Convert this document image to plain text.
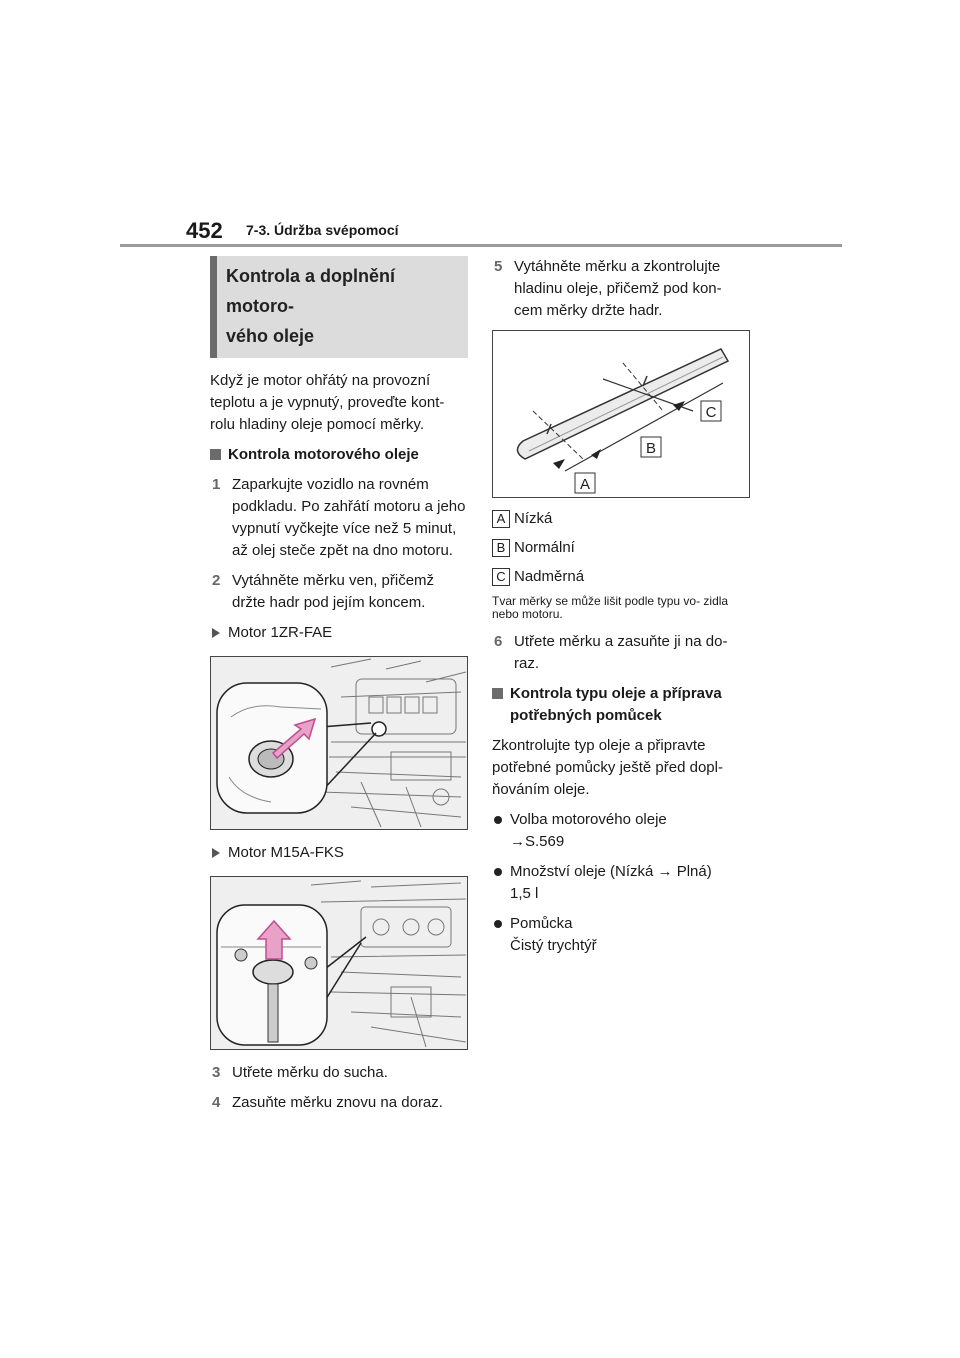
452 7-3. Údržba svépomocí
Kontrola a doplnění motoro-
vého oleje

Když je motor ohřátý na provozní teplotu a je vypnutý, proveďte kont- rolu hladiny oleje pomocí měrky.

Kontrola motorového oleje
1 Zaparkujte vozidlo na rovném podkladu. Po zahřátí motoru a jeho vypnutí vyčkejte více než 5 minut, až olej steče zpět na dno motoru.
2 Vytáhněte měrku ven, přičemž držte hadr pod jejím koncem.
Motor 1ZR-FAE
Motor M15A-FKS
3 Utřete měrku do sucha.
4 Zasuňte měrku znovu na doraz.
5 Vytáhněte měrku a zkontrolujte hladinu oleje, přičemž pod kon- cem měrky držte hadr.
C
B
A
A Nízká
B Normální
C Nadměrná

Tvar měrky se může lišit podle typu vo- zidla nebo motoru.

6 Utřete měrku a zasuňte ji na do- raz.
Kontrola typu oleje a příprava potřebných pomůcek

Zkontrolujte typ oleje a připravte potřebné pomůcky ještě před dopl- ňováním oleje.

Volba motorového oleje
→S.569
Množství oleje (Nízká → Plná)
1,5 l
Pomůcka
Čistý trychtýř
